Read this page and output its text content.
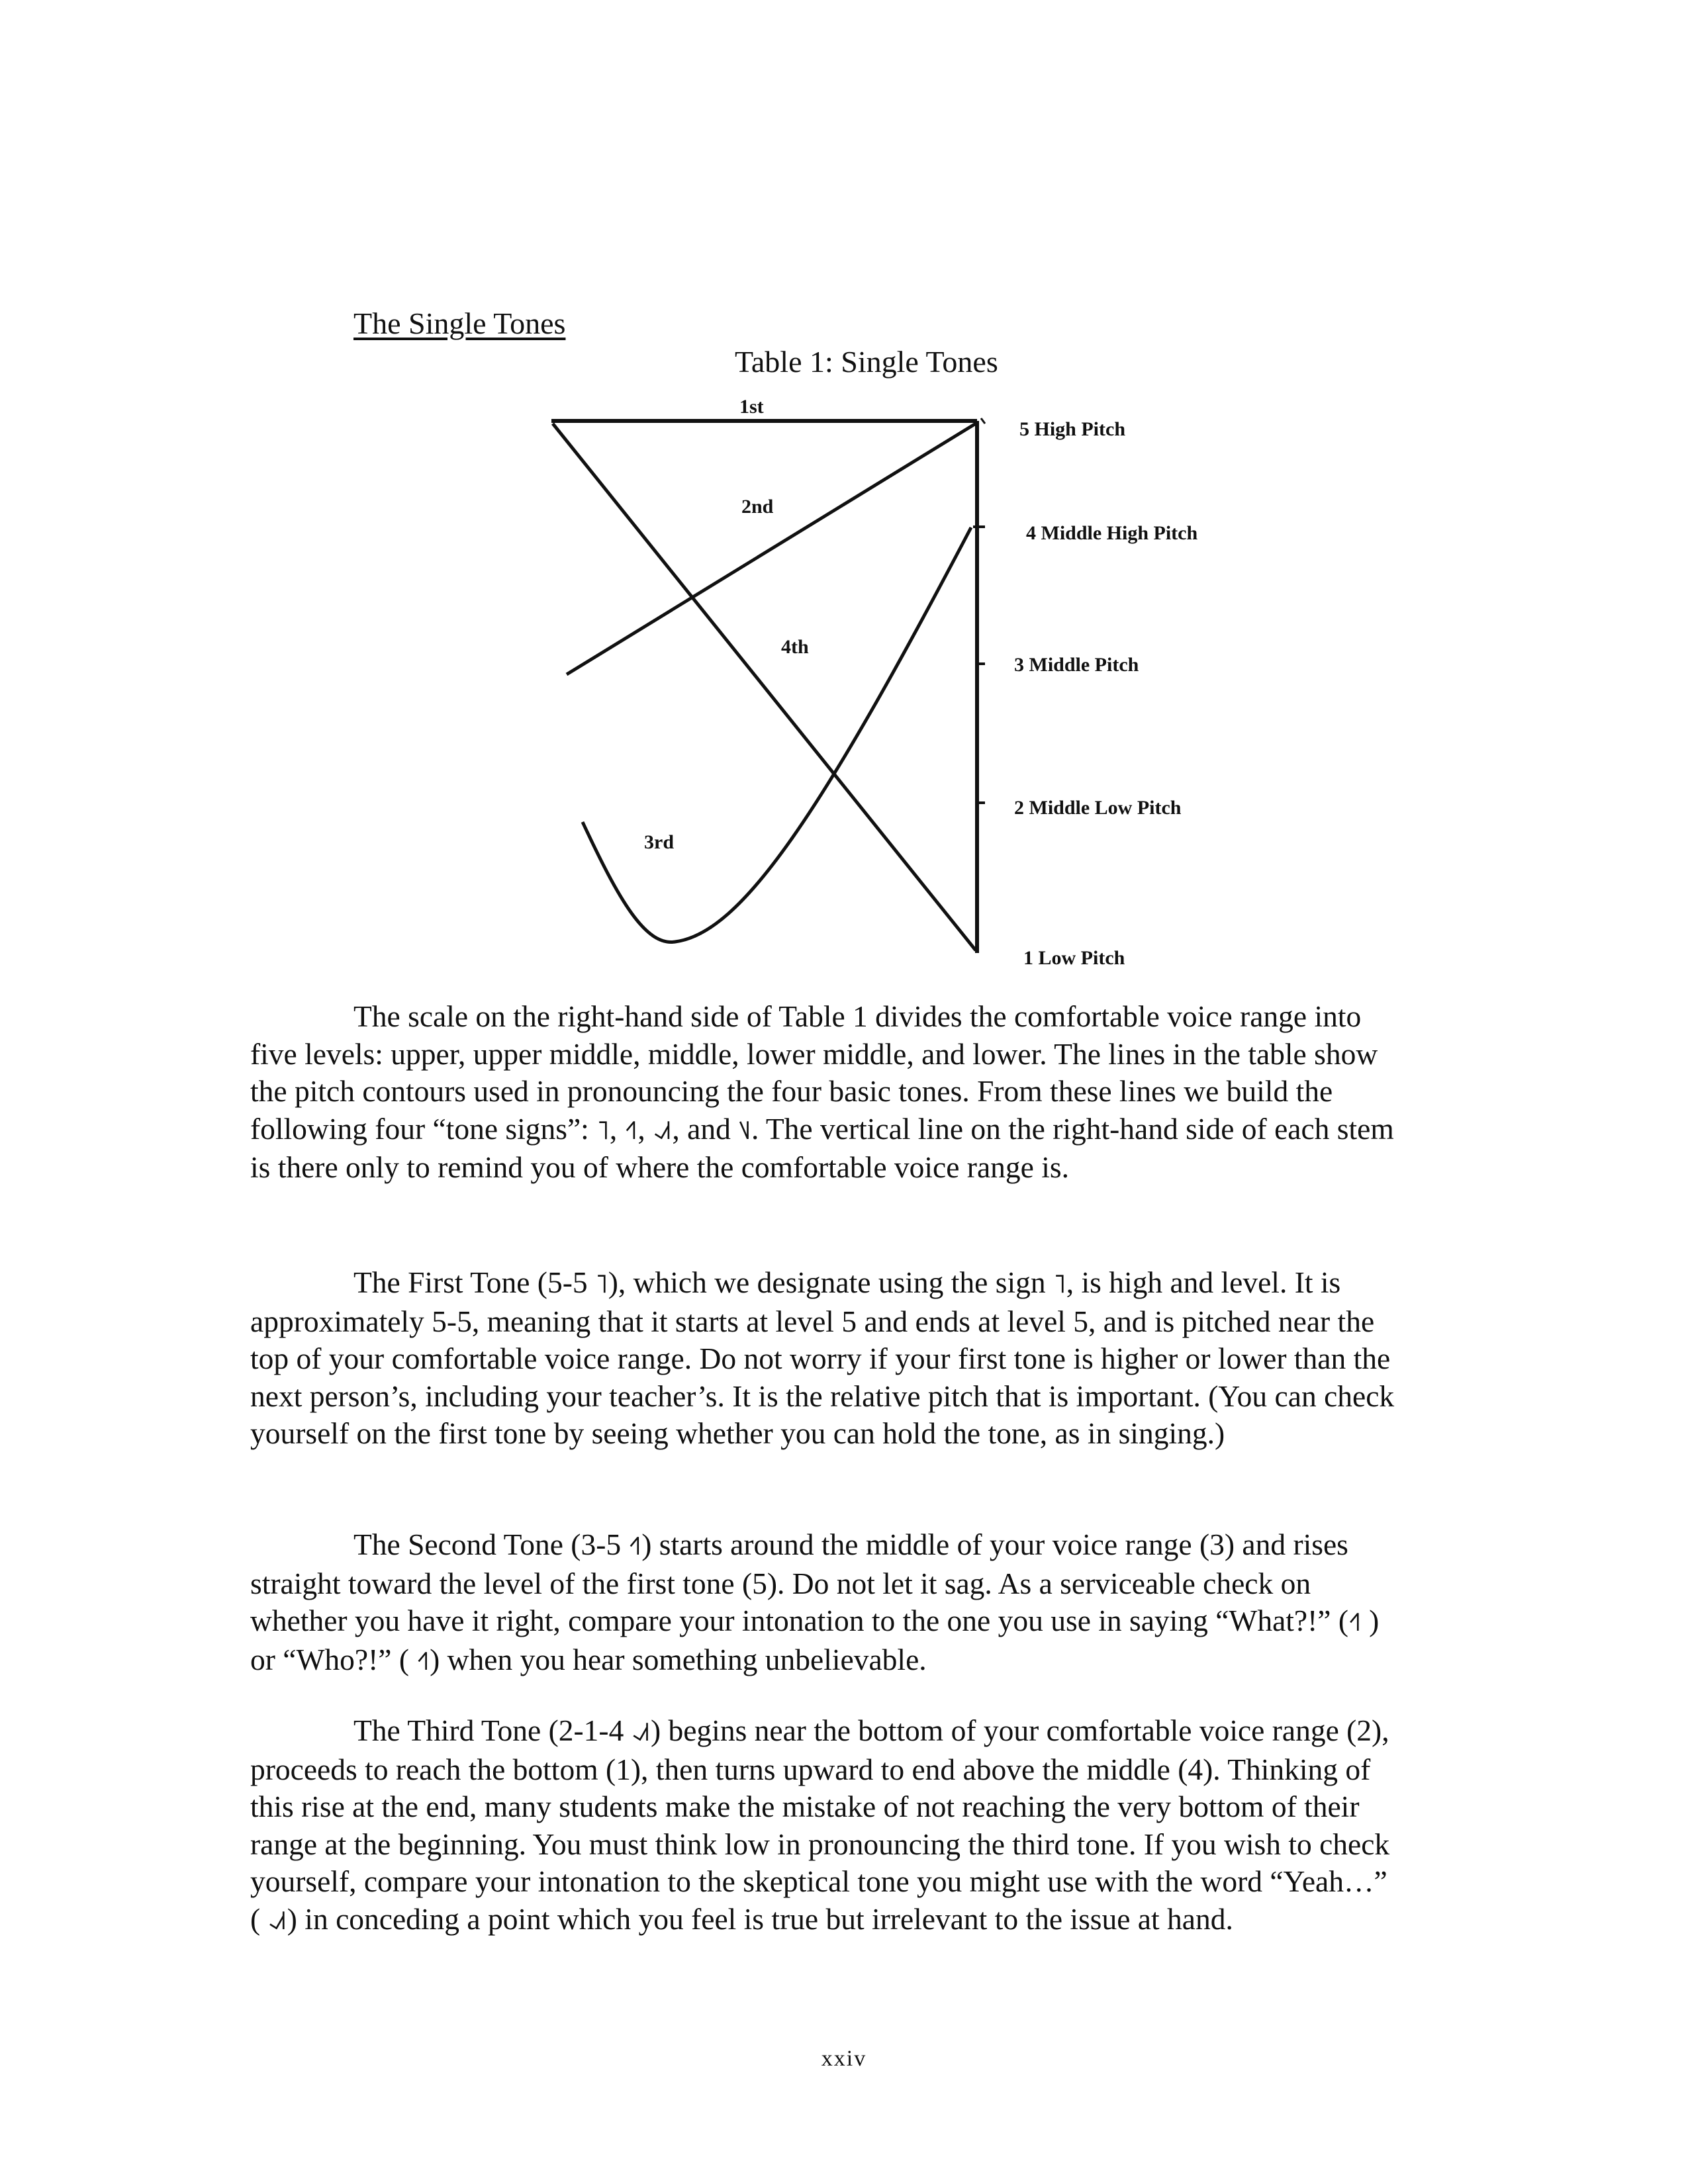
The Single Tones
Table 1: Single Tones
1st
2nd
3rd
4th
5 High Pitch
4 Middle High Pitch
3 Middle Pitch
2 Middle Low Pitch
1 Low Pitch

The scale on the right-hand side of Table 1 divides the comfortable voice range into five levels: upper, upper middle, middle, lower middle, and lower. The lines in the table show the pitch contours used in pronouncing the four basic tones. From these lines we build the following four “tone signs”: ˥, ˧˥, ˨˩˦, and ˥˩. The vertical line on the right-hand side of each stem is there only to remind you of where the comfortable voice range is.

The First Tone (5-5 ˥), which we designate using the sign ˥, is high and level. It is approximately 5-5, meaning that it starts at level 5 and ends at level 5, and is pitched near the top of your comfortable voice range. Do not worry if your first tone is higher or lower than the next person’s, including your teacher’s. It is the relative pitch that is important. (You can check yourself on the first tone by seeing whether you can hold the tone, as in singing.)

The Second Tone (3-5 ˧˥) starts around the middle of your voice range (3) and rises straight toward the level of the first tone (5). Do not let it sag. As a serviceable check on whether you have it right, compare your intonation to the one you use in saying “What?!” (˧˥ ) or “Who?!” ( ˧˥) when you hear something unbelievable.

The Third Tone (2-1-4 ˨˩˦) begins near the bottom of your comfortable voice range (2), proceeds to reach the bottom (1), then turns upward to end above the middle (4). Thinking of this rise at the end, many students make the mistake of not reaching the very bottom of their range at the beginning. You must think low in pronouncing the third tone. If you wish to check yourself, compare your intonation to the skeptical tone you might use with the word “Yeah…” ( ˨˩˦) in conceding a point which you feel is true but irrelevant to the issue at hand.

xxiv
